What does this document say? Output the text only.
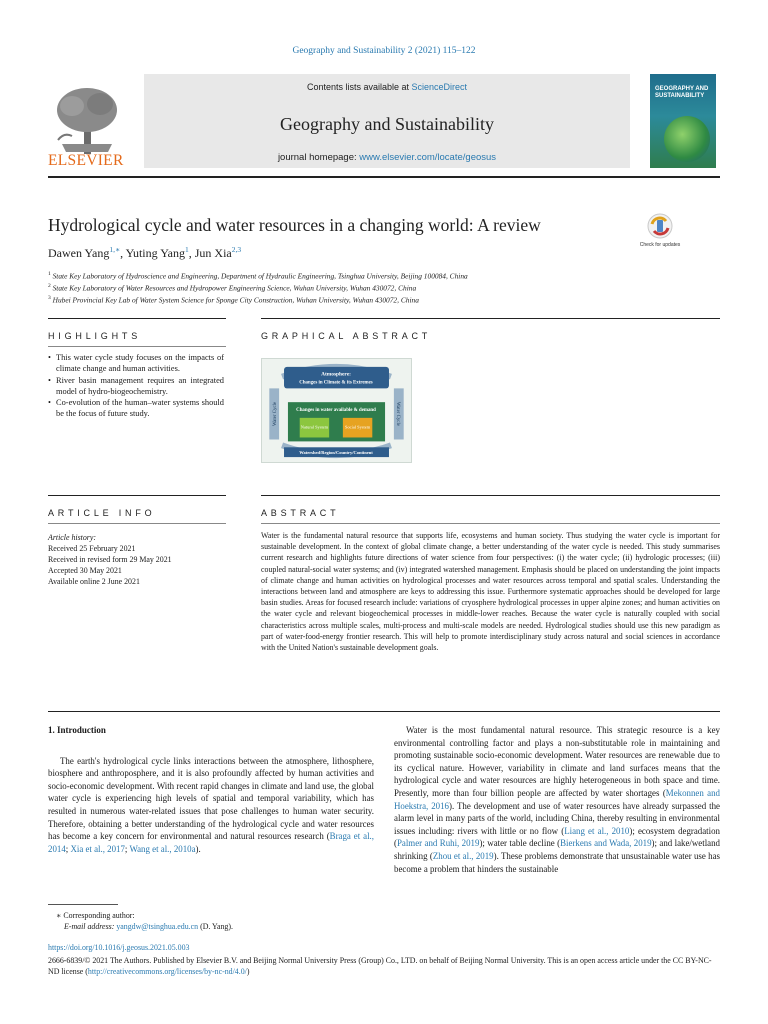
Geography and Sustainability 2 (2021) 115–122
ELSEVIER
Contents lists available at ScienceDirect
Geography and Sustainability
journal homepage: www.elsevier.com/locate/geosus
GEOGRAPHY AND SUSTAINABILITY
Hydrological cycle and water resources in a changing world: A review
Check for updates
Dawen Yang$^{1,∗}$, Yuting Yang$^1$, Jun Xia$^{2,3}$
$^1$ State Key Laboratory of Hydroscience and Engineering, Department of Hydraulic Engineering, Tsinghua University, Beijing 100084, China
$^2$ State Key Laboratory of Water Resources and Hydropower Engineering Science, Wuhan University, Wuhan 430072, China
$^3$ Hubei Provincial Key Lab of Water System Science for Sponge City Construction, Wuhan University, Wuhan 430072, China
HIGHLIGHTS	GRAPHICAL ABSTRACT
• This water cycle study focuses on the impacts of climate change and human activities.
• River basin management requires an integrated model of hydro-biogeochemistry.
• Co-evolution of the human–water systems should be the focus of future study.
Atmosphere:
Changes in Climate & its Extremes
Water Cycle	Water Cycle
Changes in water available & demand
Natural System	Social System
Watershed/Region/Country/Continent
ARTICLE INFO	ABSTRACT
Article history:
Received 25 February 2021
Received in revised form 29 May 2021
Accepted 30 May 2021
Available online 2 June 2021
Water is the fundamental natural resource that supports life, ecosystems and human society. Thus studying the water cycle is important for sustainable development. In the context of global climate change, a better understanding of the water cycle is needed. This study summarises current research and highlights future directions of water science from four perspectives: (i) the water cycle; (ii) hydrologic processes; (iii) coupled natural-social water systems; and (iv) integrated watershed management. Emphasis should be placed on understanding the joint impacts of climate change and human activities on hydrological processes and water resources across temporal and spatial scales. Understanding the interactions between land and atmosphere are keys to addressing this issue. Furthermore systematic approaches should be developed for large basin studies. Areas for focused research include: variations of cryosphere hydrological processes in upper alpine zones; and human activities on the water cycle and relevant biogeochemical processes in middle-lower reaches. Because the water cycle is naturally coupled with social characteristics across multiple scales, multi-process and multi-scale models are needed. Hydrological studies should use this new paradigm as part of water-food-energy frontier research. This will help to promote interdisciplinary study across natural and social sciences in accordance with the United Nation's sustainable development goals.
1. Introduction

The earth's hydrological cycle links interactions between the atmosphere, lithosphere, biosphere and anthroposphere, and it is also profoundly affected by human activities and socio-economic development. With recent rapid changes in climate and land use, the global water cycle is experiencing high levels of spatial and temporal variability, which has resulted in numerous water-related issues that pose challenges to human water security. Therefore, obtaining a better understanding of the hydrological cycle and water resources has become a key concern for environmental and natural resources research (Braga et al., 2014; Xia et al., 2017; Wang et al., 2010a).

Water is the most fundamental natural resource. This strategic resource is a key environmental controlling factor and plays a non-substitutable role in maintaining and promoting sustainable socio-economic development. Water resources are renewable due to its cyclical nature. However, variability in climate and land surfaces means that the hydrological cycle and water resources are highly heterogeneous in both space and time. Presently, more than four billion people are affected by water shortages (Mekonnen and Hoekstra, 2016). The development and use of water resources have already surpassed the alarm level in many parts of the world, including China, thereby resulting in environmental issues including: rivers with little or no flow (Liang et al., 2010); ecosystem degradation (Palmer and Ruhi, 2019); water table decline (Bierkens and Wada, 2019); and lake/wetland shrinking (Zhou et al., 2019). These problems demonstrate that unsustainable water use has become a problem that hinders the sustainable

∗ Corresponding author:
E-mail address: yangdw@tsinghua.edu.cn (D. Yang).
https://doi.org/10.1016/j.geosus.2021.05.003
2666-6839/© 2021 The Authors. Published by Elsevier B.V. and Beijing Normal University Press (Group) Co., LTD. on behalf of Beijing Normal University. This is an open access article under the CC BY-NC-ND license (http://creativecommons.org/licenses/by-nc-nd/4.0/)
